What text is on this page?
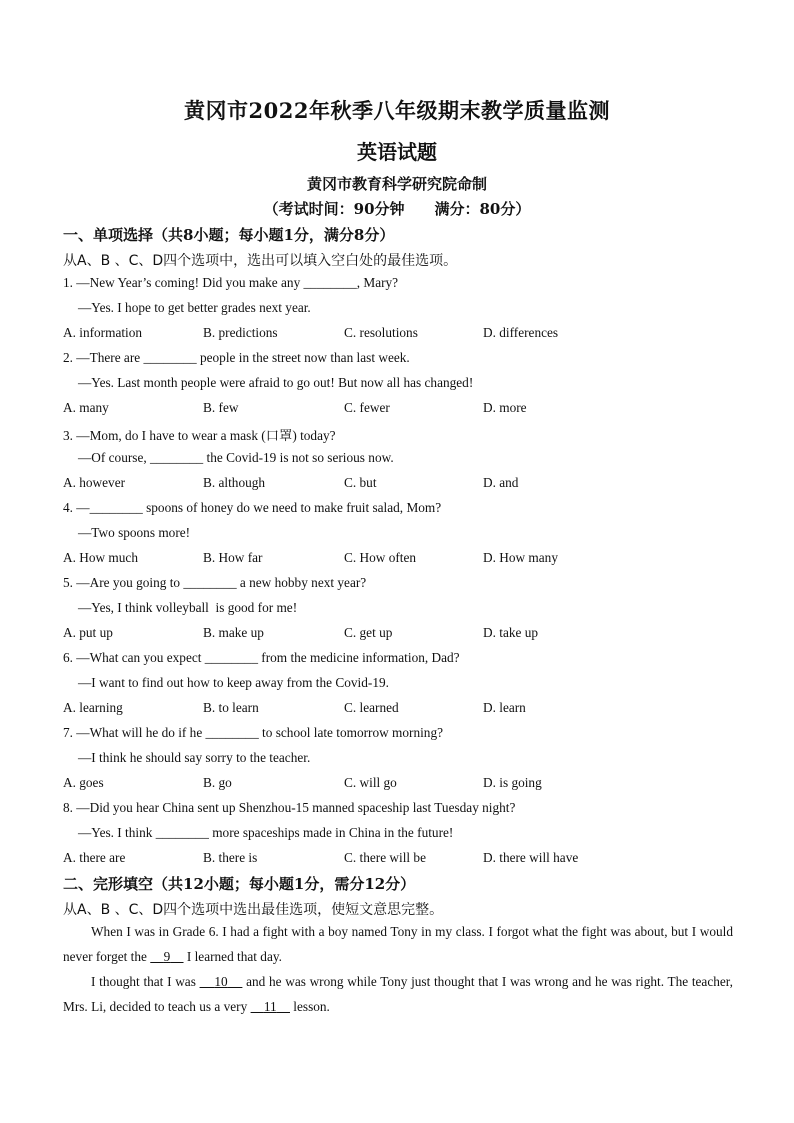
黄冈市2022年秋季八年级期末教学质量监测
英语试题
黄冈市教育科学研究院命制
（考试时间：90分钟　　满分：80分）
一、单项选择（共8小题；每小题1分，满分8分）
从A、B 、C、D四个选项中，选出可以填入空白处的最佳选项。
1. —New Year’s coming! Did you make any ________, Mary?
—Yes. I hope to get better grades next year.
A. information	B. predictions	C. resolutions	D. differences
2. —There are ________ people in the street now than last week.
—Yes. Last month people were afraid to go out! But now all has changed!
A. many	B. few	C. fewer	D. more
3. —Mom, do I have to wear a mask (口罩) today?
—Of course, ________ the Covid-19 is not so serious now.
A. however	B. although	C. but	D. and
4. —________ spoons of honey do we need to make fruit salad, Mom?
—Two spoons more!
A. How much	B. How far	C. How often	D. How many
5. —Are you going to ________ a new hobby next year?
—Yes, I think volleyball  is good for me!
A. put up	B. make up	C. get up	D. take up
6. —What can you expect ________ from the medicine information, Dad?
—I want to find out how to keep away from the Covid-19.
A. learning	B. to learn	C. learned	D. learn
7. —What will he do if he ________ to school late tomorrow morning?
—I think he should say sorry to the teacher.
A. goes	B. go	C. will go	D. is going
8. —Did you hear China sent up Shenzhou-15 manned spaceship last Tuesday night?
—Yes. I think ________ more spaceships made in China in the future!
A. there are	B. there is	C. there will be	D. there will have
二、完形填空（共12小题；每小题1分，需分12分）
从A、B 、C、D四个选项中选出最佳选项，使短文意思完整。
When I was in Grade 6. I had a fight with a boy named Tony in my class. I forgot what the fight was about, but I would never forget the     9     I learned that day.
I thought that I was     10     and he was wrong while Tony just thought that I was wrong and he was right. The teacher, Mrs. Li, decided to teach us a very     11     lesson.
